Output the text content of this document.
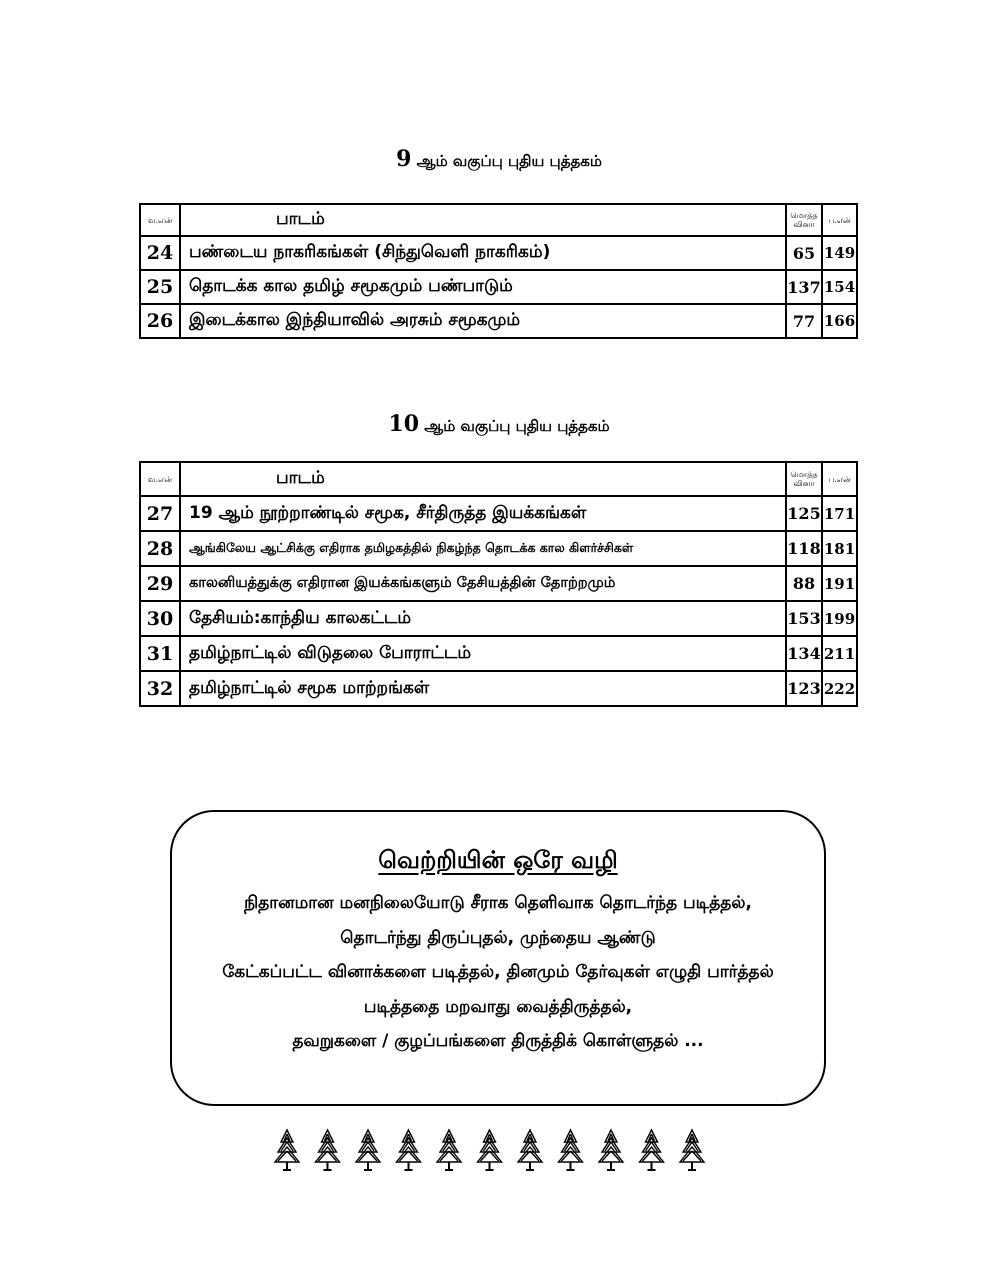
9 ஆம் வகுப்பு புதிய புத்தகம்
வ.என்	பாடம்	மொத்த வினா	ப.என்
24	பண்டைய நாகரிகங்கள் (சிந்துவெளி நாகரிகம்)	65	149
25	தொடக்க கால தமிழ் சமூகமும் பண்பாடும்	137	154
26	இடைக்கால இந்தியாவில் அரசும் சமூகமும்	77	166
10 ஆம் வகுப்பு புதிய புத்தகம்
வ.என்	பாடம்	மொத்த வினா	ப.என்
27	19 ஆம் நூற்றாண்டில் சமூக, சீர்திருத்த இயக்கங்கள்	125	171
28	ஆங்கிலேய ஆட்சிக்கு எதிராக தமிழகத்தில் நிகழ்ந்த தொடக்க கால கிளர்ச்சிகள்	118	181
29	காலனியத்துக்கு எதிரான இயக்கங்களும் தேசியத்தின் தோற்றமும்	88	191
30	தேசியம்:காந்திய காலகட்டம்	153	199
31	தமிழ்நாட்டில் விடுதலை போராட்டம்	134	211
32	தமிழ்நாட்டில் சமூக மாற்றங்கள்	123	222
வெற்றியின் ஒரே வழி
நிதானமான மனநிலையோடு சீராக தெளிவாக தொடர்ந்த படித்தல்,
தொடர்ந்து திருப்புதல், முந்தைய ஆண்டு
கேட்கப்பட்ட வினாக்களை படித்தல், தினமும் தேர்வுகள் எழுதி பார்த்தல்
படித்ததை மறவாது வைத்திருத்தல்,
தவறுகளை / குழப்பங்களை திருத்திக் கொள்ளுதல் ...
